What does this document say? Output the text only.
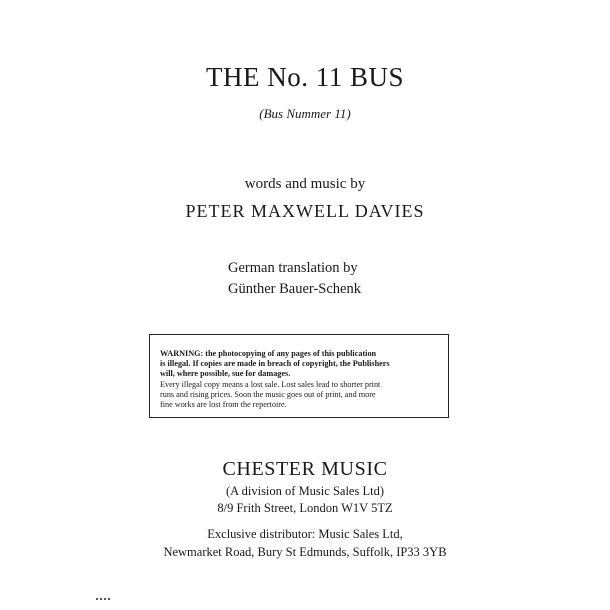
THE No. 11 BUS
(Bus Nummer 11)
words and music by
PETER MAXWELL DAVIES
German translation by
Günther Bauer-Schenk
WARNING: the photocopying of any pages of this publication
is illegal. If copies are made in breach of copyright, the Publishers
will, where possible, sue for damages.
Every illegal copy means a lost sale. Lost sales lead to shorter print
runs and rising prices. Soon the music goes out of print, and more
fine works are lost from the repertoire.
CHESTER MUSIC
(A division of Music Sales Ltd)
8/9 Frith Street, London W1V 5TZ
Exclusive distributor: Music Sales Ltd,
Newmarket Road, Bury St Edmunds, Suffolk, IP33 3YB
